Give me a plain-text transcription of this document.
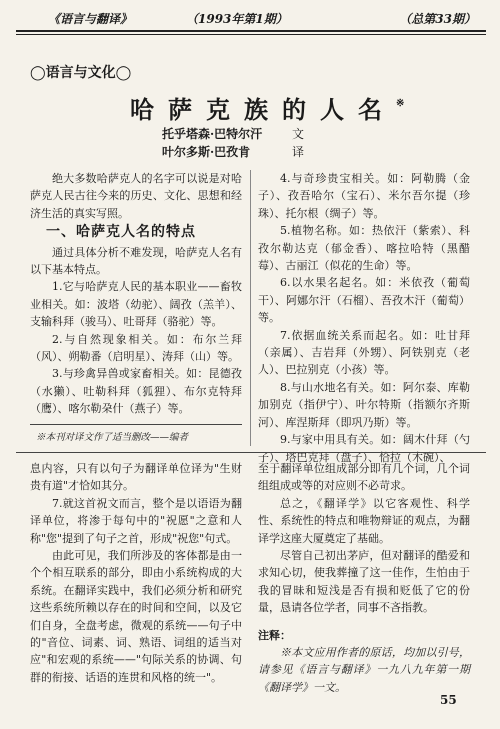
《语言与翻译》	（1993年第1期）	（总第33期）
◯语言与文化◯
哈萨克族的人名※
托乎塔森·巴特尔汗 文
叶尔多斯·巴孜肯	译

绝大多数哈萨克人的名字可以说是对哈萨克人民古往今来的历史、文化、思想和经济生活的真实写照。

一、哈萨克人名的特点

通过具体分析不难发现，哈萨克人名有以下基本特点。

1.它与哈萨克人民的基本职业——畜牧业相关。如：波塔（幼驼）、阔孜（羔羊）、支输科拜（骏马）、吐哥拜（骆驼）等。

2.与自然现象相关。如：布尔兰拜（风）、朔勒番（启明星）、涛拜（山）等。

3.与珍禽异兽或家畜相关。如：昆德孜（水獭）、吐勒科拜（狐狸）、布尔克特拜（鹰）、喀尔勒朶什（燕子）等。

4.与奇珍贵宝相关。如：阿勒腾（金子）、孜吾哈尔（宝石）、米尔吾尔提（珍珠）、托尔根（绸子）等。

5.植物名称。如：热依汗（紫索）、科孜尔勒达克（郁金香）、喀拉哈特（黑醋莓）、古丽江（似花的生命）等。

6.以水果名起名。如：米依孜（葡萄干）、阿娜尔汗（石榴）、吾孜木汗（葡萄）等。

7.依据血统关系而起名。如：吐甘拜（亲属）、吉岩拜（外甥）、阿铁别克（老人）、巴拉别克（小孩）等。

8.与山水地名有关。如：阿尔泰、库勒加别克（指伊宁）、叶尔特斯（指额尔齐斯河）、库涅斯拜（即巩乃斯）等。

9.与家中用具有关。如：阔木什拜（勺子）、塔巴克拜（盘子）、恰拉（木碗）、

※本刊对译文作了适当删改——编者

息内容，只有以句子为翻译单位译为"生财贵有道"才恰如其分。

7.就这首祝文而言，整个是以语语为翻译单位，将渗于每句中的"祝愿"之意和人称"您"提到了句子之首，形成"祝您"句式。

由此可见，我们所涉及的客体都是由一个个相互联系的部分，即由小系统构成的大系统。在翻译实践中，我们必须分析和研究这些系统所赖以存在的时间和空间，以及它们自身，全盘考虑，微观的系统——句子中的"音位、词素、词、熟语、词组的适当对应"和宏观的系统——"句际关系的协调、句群的衔接、话语的连贯和风格的统一"。

至于翻译单位组成部分即有几个词，几个词组组成或等的对应则不必苛求。

总之，《翻译学》以它客观性、科学性、系统性的特点和唯物辩证的观点，为翻译学这座大厦奠定了基础。

尽管自己初出茅庐，但对翻译的酷爱和求知心切，使我葬撞了这一佳作，生怕由于我的冒昧和短浅是否有损和贬低了它的份量，恳请各位学者，同事不吝指教。

注释：

※本文应用作者的原话，均加以引号，请参见《语言与翻译》一九八九年第一期《翻译学》一文。

55
